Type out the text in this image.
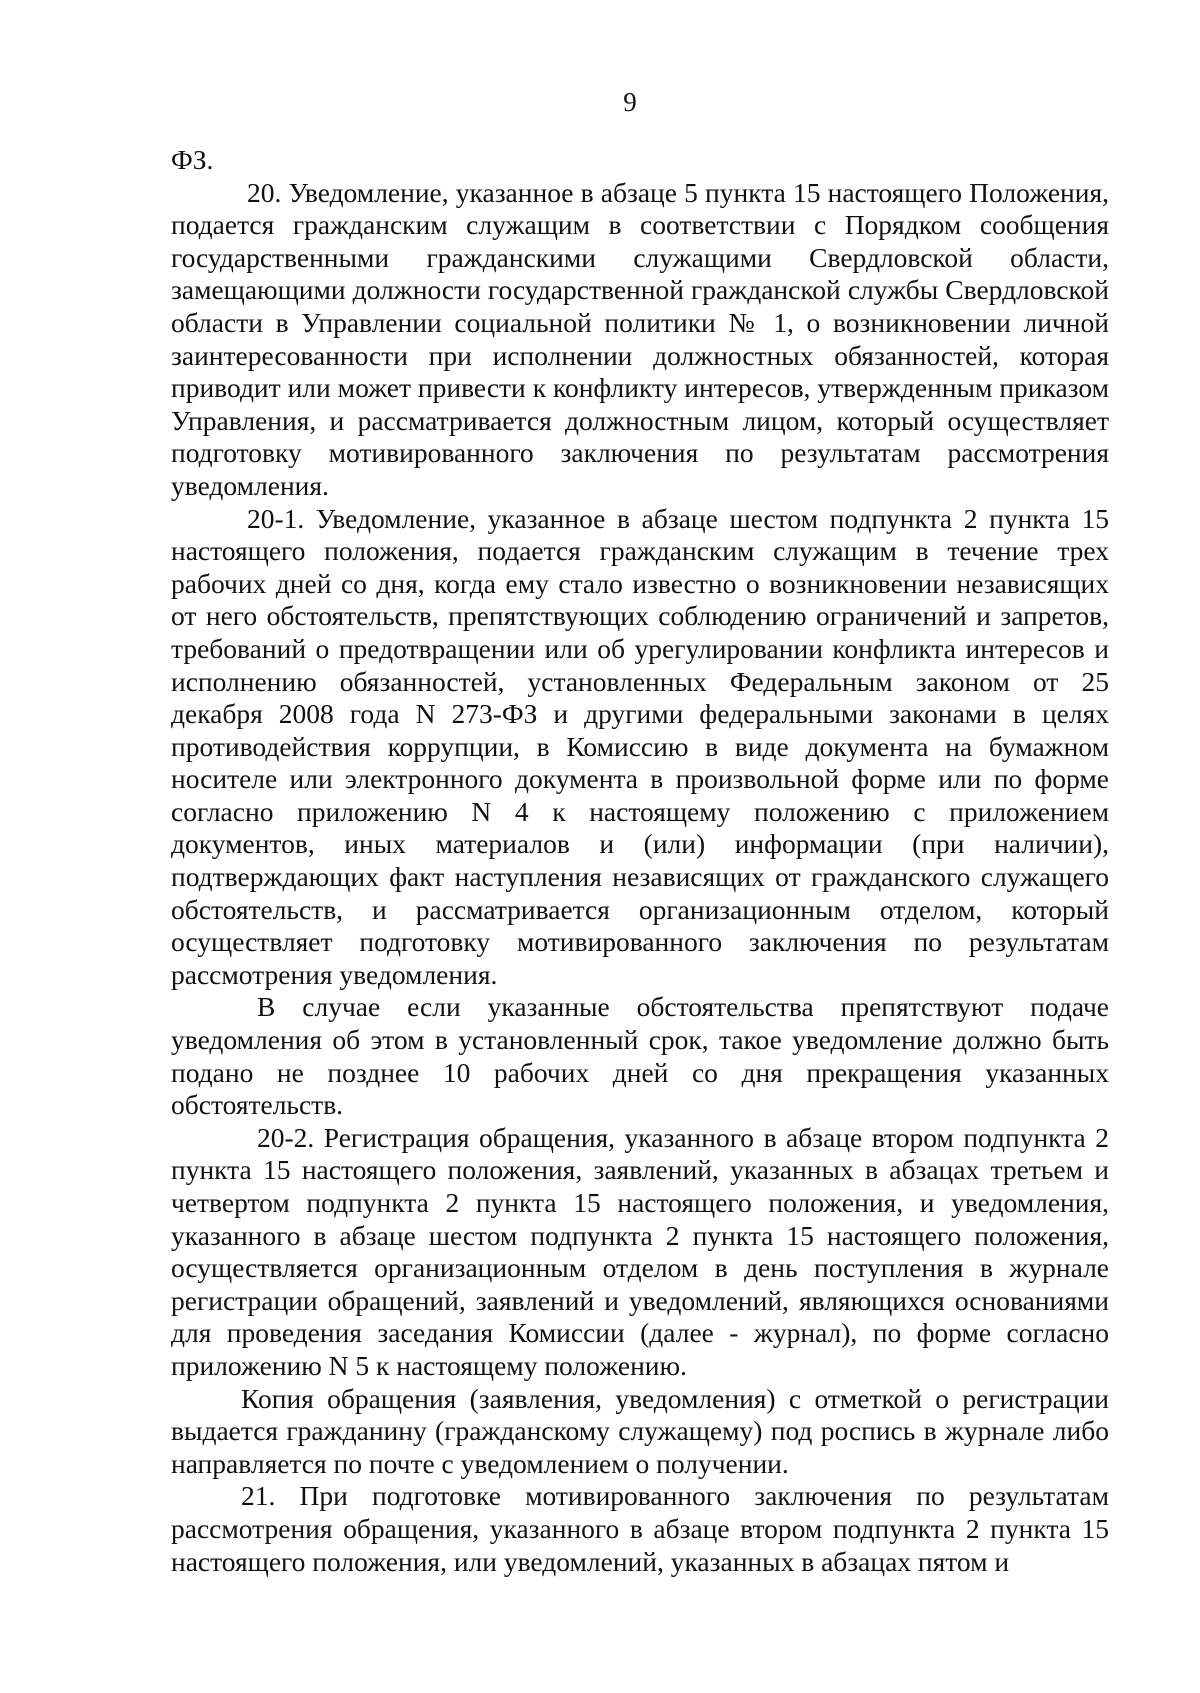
9

ФЗ.

20. Уведомление, указанное в абзаце 5 пункта 15 настоящего Положения, подается гражданским служащим в соответствии с Порядком сообщения государственными гражданскими служащими Свердловской области, замещающими должности государственной гражданской службы Свердловской области в Управлении социальной политики № 1, о возникновении личной заинтересованности при исполнении должностных обязанностей, которая приводит или может привести к конфликту интересов, утвержденным приказом Управления, и рассматривается должностным лицом, который осуществляет подготовку мотивированного заключения по результатам рассмотрения уведомления.

20-1. Уведомление, указанное в абзаце шестом подпункта 2 пункта 15 настоящего положения, подается гражданским служащим в течение трех рабочих дней со дня, когда ему стало известно о возникновении независящих от него обстоятельств, препятствующих соблюдению ограничений и запретов, требований о предотвращении или об урегулировании конфликта интересов и исполнению обязанностей, установленных Федеральным законом от 25 декабря 2008 года N 273-ФЗ и другими федеральными законами в целях противодействия коррупции, в Комиссию в виде документа на бумажном носителе или электронного документа в произвольной форме или по форме согласно приложению N 4 к настоящему положению с приложением документов, иных материалов и (или) информации (при наличии), подтверждающих факт наступления независящих от гражданского служащего обстоятельств, и рассматривается организационным отделом, который осуществляет подготовку мотивированного заключения по результатам рассмотрения уведомления.

В случае если указанные обстоятельства препятствуют подаче уведомления об этом в установленный срок, такое уведомление должно быть подано не позднее 10 рабочих дней со дня прекращения указанных обстоятельств.

20-2. Регистрация обращения, указанного в абзаце втором подпункта 2 пункта 15 настоящего положения, заявлений, указанных в абзацах третьем и четвертом подпункта 2 пункта 15 настоящего положения, и уведомления, указанного в абзаце шестом подпункта 2 пункта 15 настоящего положения, осуществляется организационным отделом в день поступления в журнале регистрации обращений, заявлений и уведомлений, являющихся основаниями для проведения заседания Комиссии (далее - журнал), по форме согласно приложению N 5 к настоящему положению.

Копия обращения (заявления, уведомления) с отметкой о регистрации выдается гражданину (гражданскому служащему) под роспись в журнале либо направляется по почте с уведомлением о получении.

21. При подготовке мотивированного заключения по результатам рассмотрения обращения, указанного в абзаце втором подпункта 2 пункта 15 настоящего положения, или уведомлений, указанных в абзацах пятом и
